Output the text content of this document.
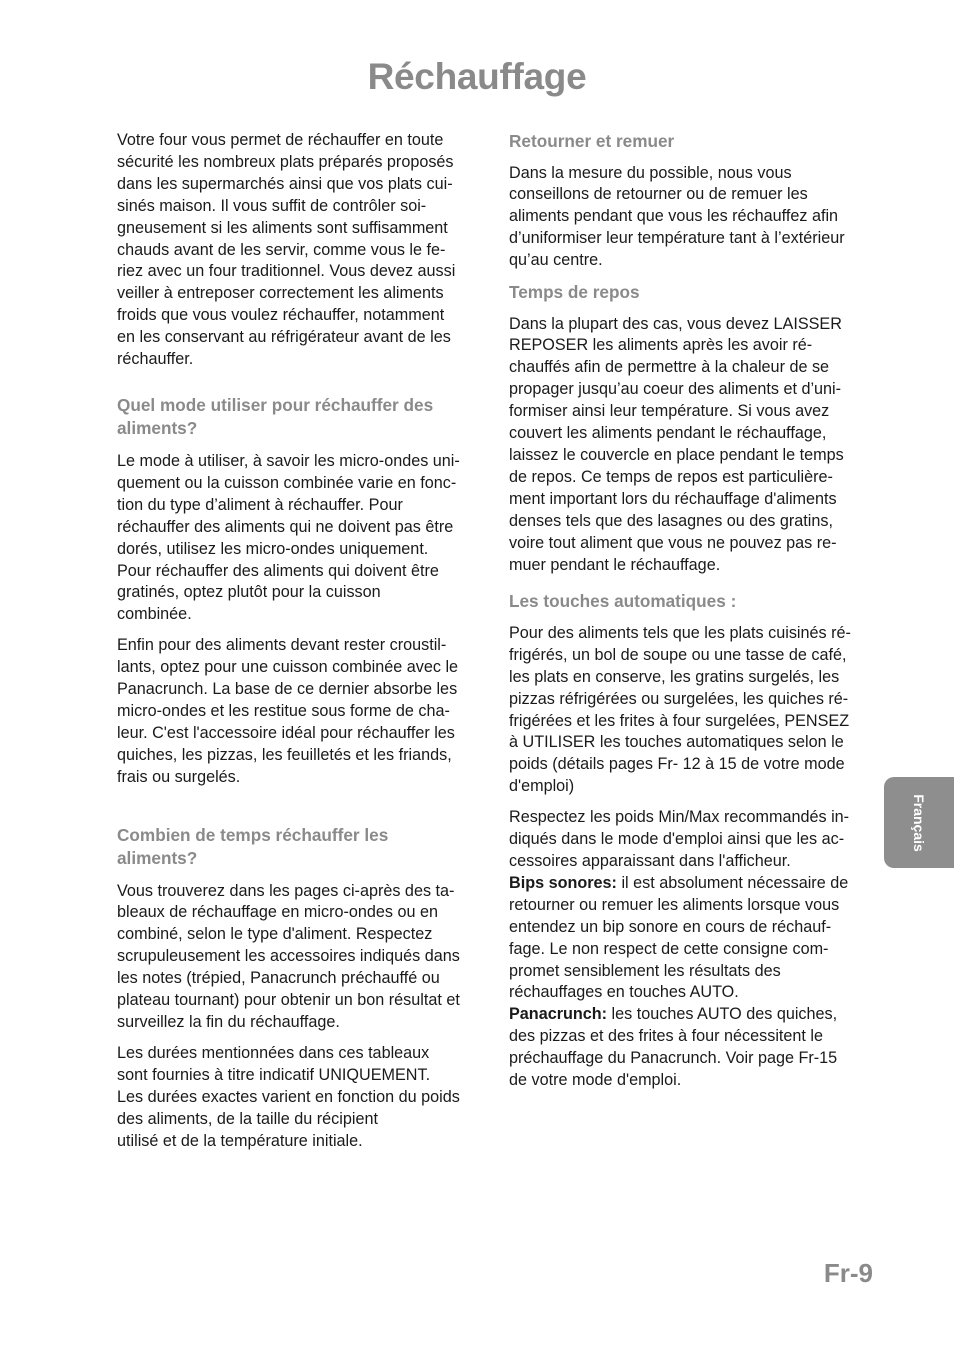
Réchauffage

Votre four vous permet de réchauffer en toute
sécurité les nombreux plats préparés proposés
dans les supermarchés ainsi que vos plats cui-
sinés maison. Il vous suffit de contrôler soi-
gneusement si les aliments sont suffisamment
chauds avant de les servir, comme vous le fe-
riez avec un four traditionnel. Vous devez aussi
veiller à entreposer correctement les aliments
froids que vous voulez réchauffer, notamment
en les conservant au réfrigérateur avant de les
réchauffer.

Quel mode utiliser pour réchauffer des
aliments?

Le mode à utiliser, à savoir les micro-ondes uni-
quement ou la cuisson combinée varie en fonc-
tion du type d’aliment à réchauffer. Pour
réchauffer des aliments qui ne doivent pas être
dorés, utilisez les micro-ondes uniquement.
Pour réchauffer des aliments qui doivent être
gratinés, optez plutôt pour la cuisson
combinée.

Enfin pour des aliments devant rester croustil-
lants, optez pour une cuisson combinée avec le
Panacrunch. La base de ce dernier absorbe les
micro-ondes et les restitue sous forme de cha-
leur. C'est l'accessoire idéal pour réchauffer les
quiches, les pizzas, les feuilletés et les friands,
frais ou surgelés.

Combien de temps réchauffer les
aliments?

Vous trouverez dans les pages ci-après des ta-
bleaux de réchauffage en micro-ondes ou en
combiné, selon le type d'aliment. Respectez
scrupuleusement les accessoires indiqués dans
les notes (trépied, Panacrunch préchauffé ou
plateau tournant) pour obtenir un bon résultat et
surveillez la fin du réchauffage.

Les durées mentionnées dans ces tableaux
sont fournies à titre indicatif UNIQUEMENT.
Les durées exactes varient en fonction du poids
des aliments, de la taille du récipient
utilisé et de la température initiale.

Retourner et remuer

Dans la mesure du possible, nous vous
conseillons de retourner ou de remuer les
aliments pendant que vous les réchauffez afin
d’uniformiser leur température tant à l’extérieur
qu’au centre.

Temps de repos

Dans la plupart des cas, vous devez LAISSER
REPOSER les aliments après les avoir ré-
chauffés afin de permettre à la chaleur de se
propager jusqu’au coeur des aliments et d’uni-
formiser ainsi leur température. Si vous avez
couvert les aliments pendant le réchauffage,
laissez le couvercle en place pendant le temps
de repos. Ce temps de repos est particulière-
ment important lors du réchauffage d'aliments
denses tels que des lasagnes ou des gratins,
voire tout aliment que vous ne pouvez pas re-
muer pendant le réchauffage.

Les touches automatiques :

Pour des aliments tels que les plats cuisinés ré-
frigérés, un bol de soupe ou une tasse de café,
les plats en conserve, les gratins surgelés, les
pizzas réfrigérées ou surgelées, les quiches ré-
frigérées et les frites à four surgelées, PENSEZ
à UTILISER les touches automatiques selon le
poids (détails pages Fr- 12 à 15 de votre mode
d'emploi)

Respectez les poids Min/Max recommandés in-
diqués dans le mode d'emploi ainsi que les ac-
cessoires apparaissant dans l'afficheur.

Bips sonores: il est absolument nécessaire de
retourner ou remuer les aliments lorsque vous
entendez un bip sonore en cours de réchauf-
fage. Le non respect de cette consigne com-
promet sensiblement les résultats des
réchauffages en touches AUTO.

Panacrunch: les touches AUTO des quiches,
des pizzas et des frites à four nécessitent le
préchauffage du Panacrunch. Voir page Fr-15
de votre mode d'emploi.

Français
Fr-9
